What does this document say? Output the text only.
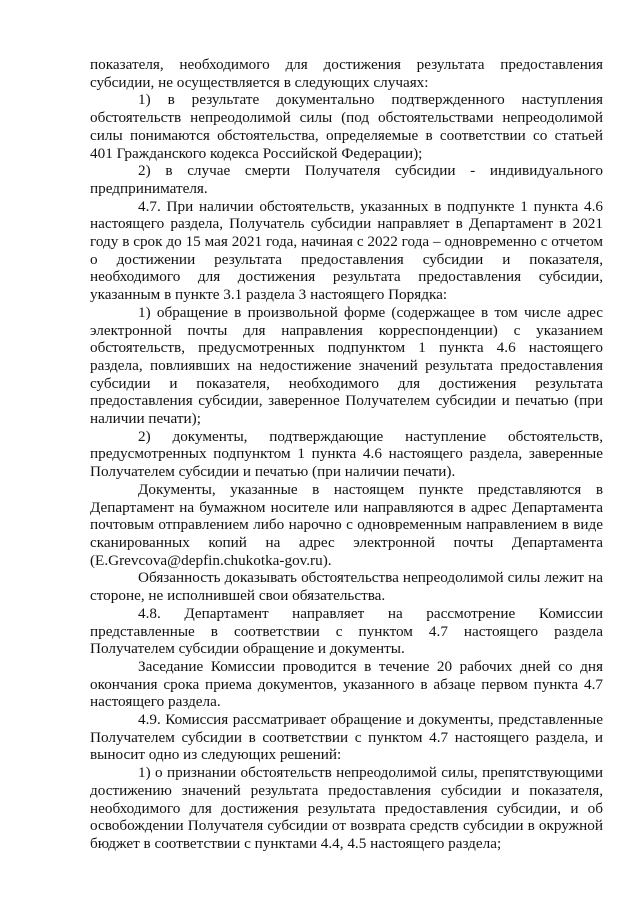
показателя, необходимого для достижения результата предоставления субсидии, не осуществляется в следующих случаях:

1) в результате документально подтвержденного наступления обстоятельств непреодолимой силы (под обстоятельствами непреодолимой силы понимаются обстоятельства, определяемые в соответствии со статьей 401 Гражданского кодекса Российской Федерации);

2) в случае смерти Получателя субсидии - индивидуального предпринимателя.

4.7. При наличии обстоятельств, указанных в подпункте 1 пункта 4.6 настоящего раздела, Получатель субсидии направляет в Департамент в 2021 году в срок до 15 мая 2021 года, начиная с 2022 года – одновременно с отчетом о достижении результата предоставления субсидии и показателя, необходимого для достижения результата предоставления субсидии, указанным в пункте 3.1 раздела 3 настоящего Порядка:

1) обращение в произвольной форме (содержащее в том числе адрес электронной почты для направления корреспонденции) с указанием обстоятельств, предусмотренных подпунктом 1 пункта 4.6 настоящего раздела, повлиявших на недостижение значений результата предоставления субсидии и показателя, необходимого для достижения результата предоставления субсидии, заверенное Получателем субсидии и печатью (при наличии печати);

2) документы, подтверждающие наступление обстоятельств, предусмотренных подпунктом 1 пункта 4.6 настоящего раздела, заверенные Получателем субсидии и печатью (при наличии печати).

Документы, указанные в настоящем пункте представляются в Департамент на бумажном носителе или направляются в адрес Департамента почтовым отправлением либо нарочно с одновременным направлением в виде сканированных копий на адрес электронной почты Департамента (E.Grevcova@depfin.chukotka-gov.ru).

Обязанность доказывать обстоятельства непреодолимой силы лежит на стороне, не исполнившей свои обязательства.

4.8. Департамент направляет на рассмотрение Комиссии представленные в соответствии с пунктом 4.7 настоящего раздела Получателем субсидии обращение и документы.

Заседание Комиссии проводится в течение 20 рабочих дней со дня окончания срока приема документов, указанного в абзаце первом пункта 4.7 настоящего раздела.

4.9. Комиссия рассматривает обращение и документы, представленные Получателем субсидии в соответствии с пунктом 4.7 настоящего раздела, и выносит одно из следующих решений:

1) о признании обстоятельств непреодолимой силы, препятствующими достижению значений результата предоставления субсидии и показателя, необходимого для достижения результата предоставления субсидии, и об освобождении Получателя субсидии от возврата средств субсидии в окружной бюджет в соответствии с пунктами 4.4, 4.5 настоящего раздела;
